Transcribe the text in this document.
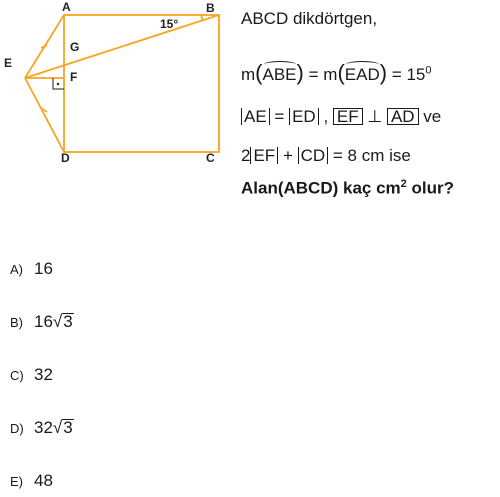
A	B
C
D
E
F
G
15°	ABCD dikdörtgen,
$m(ABE) = m(EAD) = 15^0$
AE = ED , EF ⊥ AD ve
2 EF + CD = 8 cm ise
Alan(ABCD) kaç $cm^2$ olur?
A) 16
B) 16 √ 3
C) 32
D) 32 √ 3
E) 48
